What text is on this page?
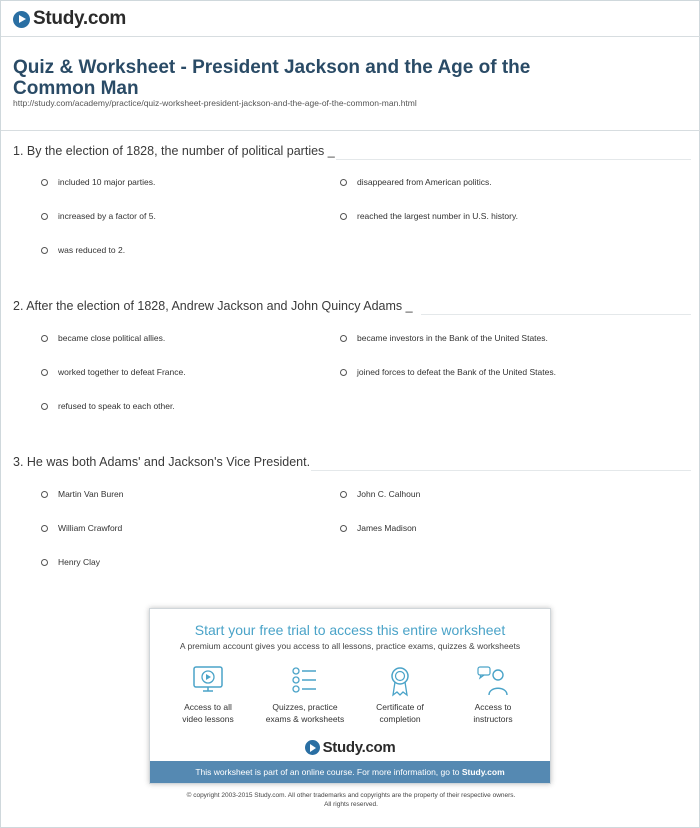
Study.com
Quiz & Worksheet - President Jackson and the Age of the Common Man
http://study.com/academy/practice/quiz-worksheet-president-jackson-and-the-age-of-the-common-man.html
1. By the election of 1828, the number of political parties _
included 10 major parties.	disappeared from American politics.
increased by a factor of 5.	reached the largest number in U.S. history.
was reduced to 2.
2. After the election of 1828, Andrew Jackson and John Quincy Adams _
became close political allies.	became investors in the Bank of the United States.
worked together to defeat France.	joined forces to defeat the Bank of the United States.
refused to speak to each other.
3. He was both Adams' and Jackson's Vice President.
Martin Van Buren	John C. Calhoun
William Crawford	James Madison
Henry Clay
Start your free trial to access this entire worksheet
A premium account gives you access to all lessons, practice exams, quizzes & worksheets
Access to all
video lessons
Quizzes, practice
exams & worksheets
Certificate of
completion
Access to
instructors
Study.com
This worksheet is part of an online course. For more information, go to Study.com
© copyright 2003-2015 Study.com. All other trademarks and copyrights are the property of their respective owners.
All rights reserved.
